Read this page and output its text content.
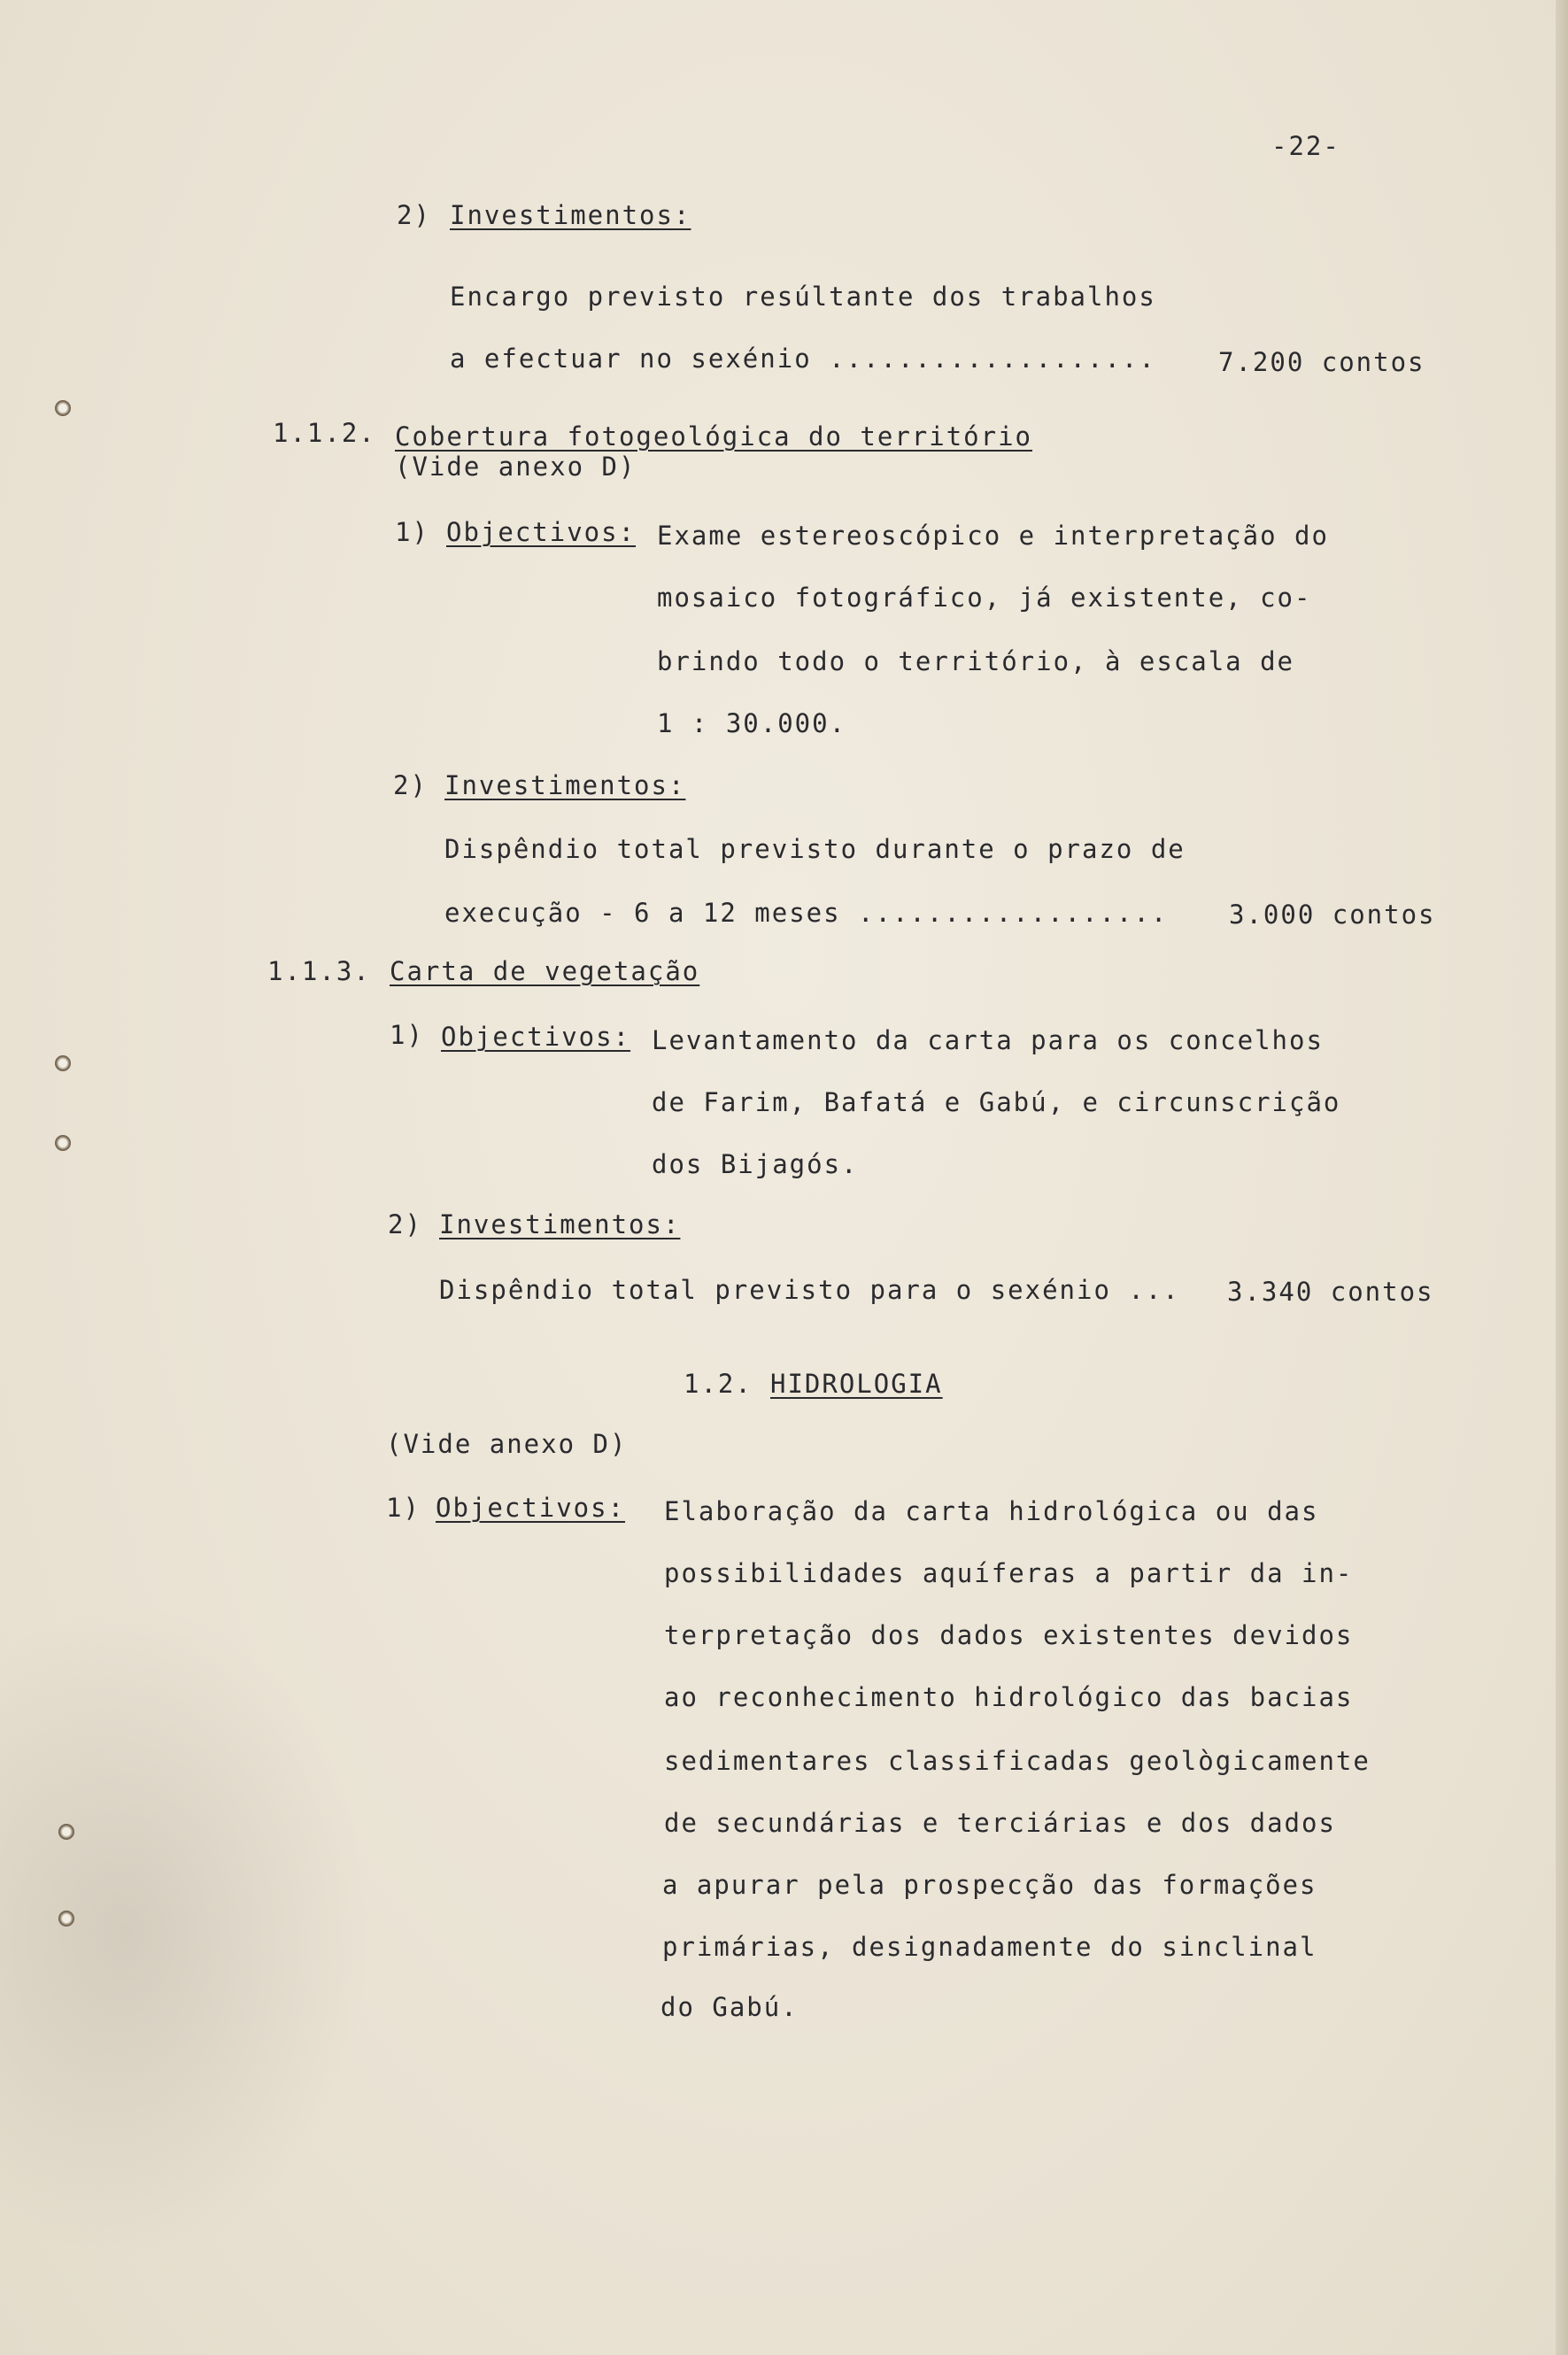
-22-
2) Investimentos:
Encargo previsto resúltante dos trabalhos
a efectuar no sexénio ................... 7.200 contos
1.1.2. Cobertura fotogeológica do território
(Vide anexo D)
1) Objectivos: Exame estereoscópico e interpretação do
mosaico fotográfico, já existente, co-
brindo todo o território, à escala de
1 : 30.000.
2) Investimentos:
Dispêndio total previsto durante o prazo de
execução - 6 a 12 meses .................. 3.000 contos
1.1.3. Carta de vegetação
1) Objectivos: Levantamento da carta para os concelhos
de Farim, Bafatá e Gabú, e circunscrição
dos Bijagós.
2) Investimentos:
Dispêndio total previsto para o sexénio ... 3.340 contos
1.2. HIDROLOGIA
(Vide anexo D)
1) Objectivos: Elaboração da carta hidrológica ou das
possibilidades aquíferas a partir da in-
terpretação dos dados existentes devidos
ao reconhecimento hidrológico das bacias
sedimentares classificadas geològicamente
de secundárias e terciárias e dos dados
a apurar pela prospecção das formações
primárias, designadamente do sinclinal
do Gabú.
